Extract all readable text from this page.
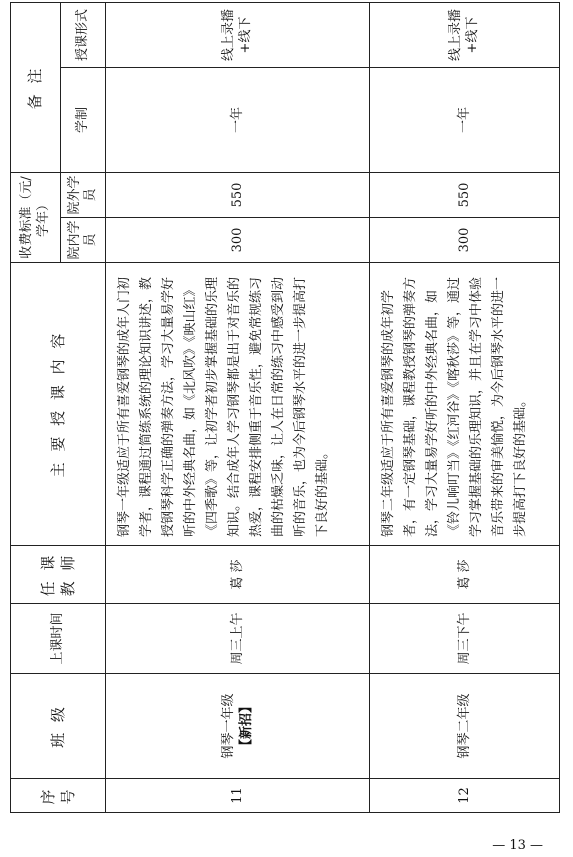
序号	班 级	上课时间	任 课 教 师	主 要 授 课 内 容	收费标准（元/学年）		备 注	
					院内学员	院外学员	学制	授课形式
11	钢琴一年级 【新招】	周三上午	葛 莎	钢琴一年级适应于所有喜爱钢琴的成年人门初学者，课程通过简练系统的理论知识讲述，教授钢琴科学正确的弹奏方法，学习大量易学好听的中外经典名曲，如《北风吹》《映山红》《四季歌》等，让初学者初步掌握基础的乐理知识。结合成年人学习钢琴都是出于对音乐的热爱，课程安排侧重于音乐性，避免常规练习曲的枯燥乏味，让人在日常的练习中感受到动听的音乐，也为今后钢琴水平的进一步提高打下良好的基础。	300	550	一年	线上录播+线下
12	钢琴二年级	周三下午	葛 莎	钢琴二年级适应于所有喜爱钢琴的成年初学者，有一定钢琴基础，课程教授钢琴的弹奏方法，学习大量易学好听的中外经典名曲，如《铃儿响叮当》《红河谷》《喀秋莎》等，通过学习掌握基础的乐理知识，并且在学习中体验音乐带来的审美愉悦，为今后钢琴水平的进一步提高打下良好的基础。	300	550	一年	线上录播+线下
— 13 —
